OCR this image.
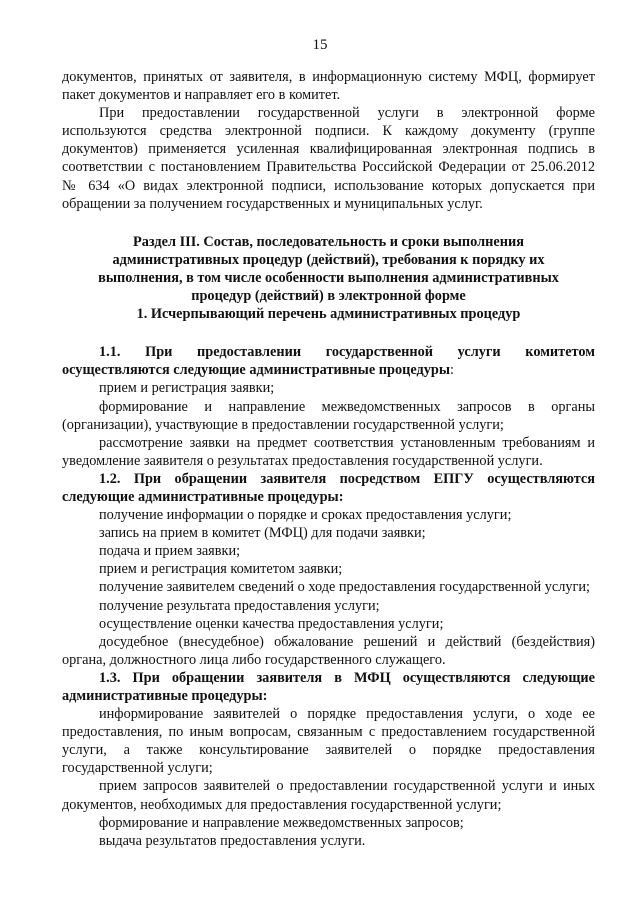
15

документов, принятых от заявителя, в информационную систему МФЦ, формирует пакет документов и направляет его в комитет.

При предоставлении государственной услуги в электронной форме используются средства электронной подписи. К каждому документу (группе документов) применяется усиленная квалифицированная электронная подпись в соответствии с постановлением Правительства Российской Федерации от 25.06.2012 № 634 «О видах электронной подписи, использование которых допускается при обращении за получением государственных и муниципальных услуг.

Раздел III. Состав, последовательность и сроки выполнения

административных процедур (действий), требования к порядку их

выполнения, в том числе особенности выполнения административных

процедур (действий) в электронной форме

1. Исчерпывающий перечень административных процедур

1.1. При предоставлении государственной услуги комитетом осуществляются следующие административные процедуры:

прием и регистрация заявки;

формирование и направление межведомственных запросов в органы (организации), участвующие в предоставлении государственной услуги;

рассмотрение заявки на предмет соответствия установленным требованиям и уведомление заявителя о результатах предоставления государственной услуги.

1.2. При обращении заявителя посредством ЕПГУ осуществляются следующие административные процедуры:

получение информации о порядке и сроках предоставления услуги;

запись на прием в комитет (МФЦ) для подачи заявки;

подача и прием заявки;

прием и регистрация комитетом заявки;

получение заявителем сведений о ходе предоставления государственной услуги;

получение результата предоставления услуги;

осуществление оценки качества предоставления услуги;

досудебное (внесудебное) обжалование решений и действий (бездействия) органа, должностного лица либо государственного служащего.

1.3. При обращении заявителя в МФЦ осуществляются следующие административные процедуры:

информирование заявителей о порядке предоставления услуги, о ходе ее предоставления, по иным вопросам, связанным с предоставлением государственной услуги, а также консультирование заявителей о порядке предоставления государственной услуги;

прием запросов заявителей о предоставлении государственной услуги и иных документов, необходимых для предоставления государственной услуги;

формирование и направление межведомственных запросов;

выдача результатов предоставления услуги.
